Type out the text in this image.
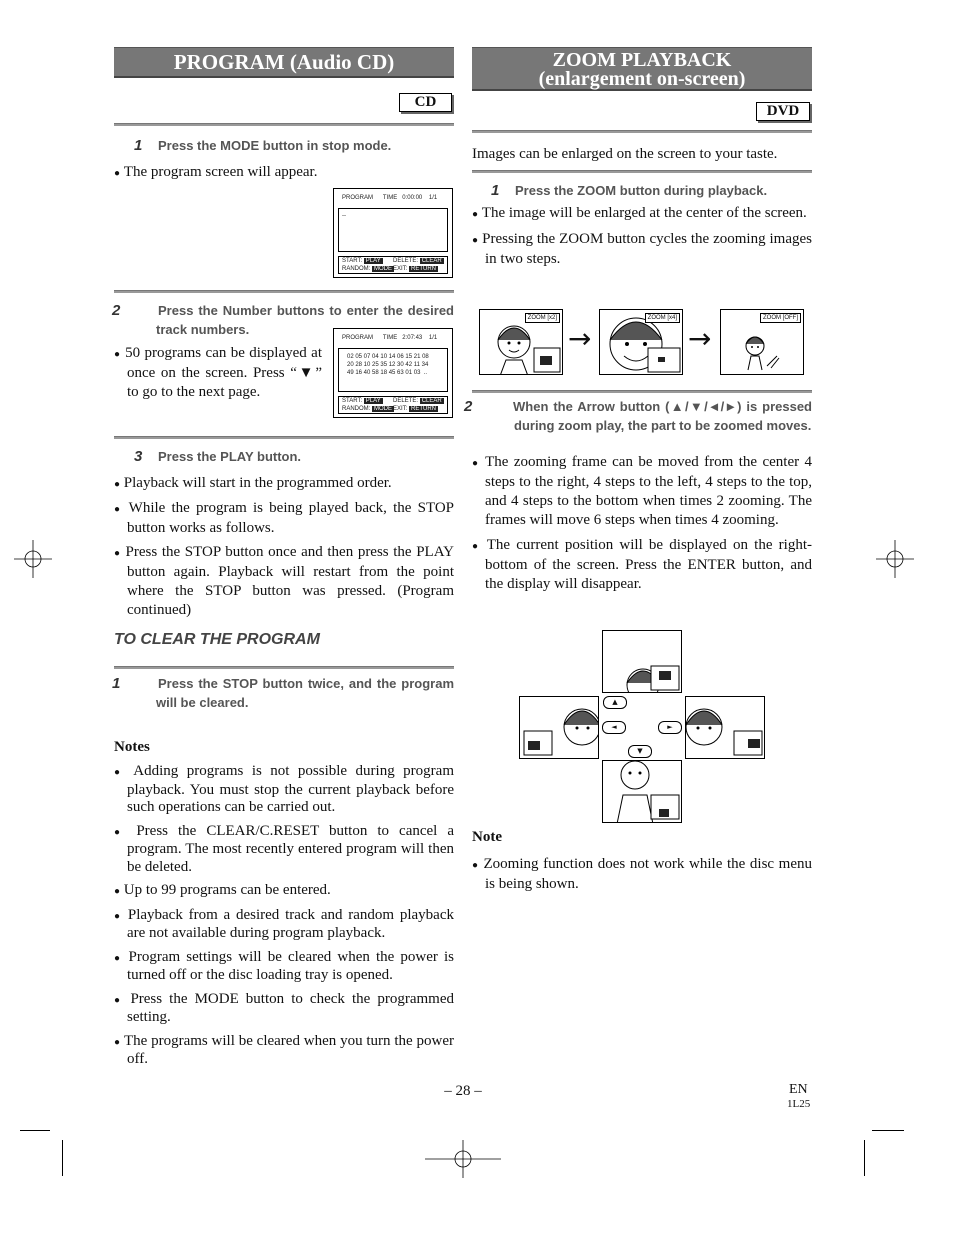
PROGRAM (Audio CD)
CD
1 Press the MODE button in stop mode.
● The program screen will appear.
PROGRAM      TIME   0:00:00    1/1
--
START: PLAY	DELETE: CLEAR
RANDOM: MODE EXIT: RETURN
2	Press the Number buttons to enter the desired track numbers.
● 50 programs can be displayed at once on the screen. Press “▼” to go to the next page.
PROGRAM      TIME   2:07:43    1/1
02 05 07 04 10 14 06 15 21 08
20 28 10 25 35 12 30 42 11 34
49 16 40 58 18 45 63 01 03  ..
START: PLAY	DELETE: CLEAR
RANDOM: MODE EXIT: RETURN
3 Press the PLAY button.
● Playback will start in the programmed order.
● While the program is being played back, the STOP button works as follows.
● Press the STOP button once and then press the PLAY button again. Playback will restart from the point where the STOP button was pressed. (Program continued)
TO CLEAR THE PROGRAM
1	Press the STOP button twice, and the program will be cleared.
Notes
● Adding programs is not possible during program playback. You must stop the current playback before such operations can be carried out.
● Press the CLEAR/C.RESET button to cancel a program. The most recently entered program will then be deleted.
● Up to 99 programs can be entered.
● Playback from a desired track and random playback are not available during program playback.
● Program settings will be cleared when the power is turned off or the disc loading tray is opened.
● Press the MODE button to check the programmed setting.
● The programs will be cleared when you turn the power off.
ZOOM PLAYBACK
(enlargement on-screen)
DVD
Images can be enlarged on the screen to your taste.
1 Press the ZOOM button during playback.
● The image will be enlarged at the center of the screen.
● Pressing the ZOOM button cycles the zooming images in two steps.
ZOOM [x2]
→
ZOOM [x4]
→
ZOOM [OFF]
2	When the Arrow button (▲/▼/◄/►) is pressed during zoom play, the part to be zoomed moves.
● The zooming frame can be moved from the center 4 steps to the right, 4 steps to the left, 4 steps to the top, and 4 steps to the bottom when times 2 zooming. The frames will move 6 steps when times 4 zooming.
● The current position will be displayed on the right-bottom of the screen. Press the ENTER button, and the display will disappear.
▲
◄	►
▼
Note
● Zooming function does not work while the disc menu is being shown.
– 28 –	EN
1L25
